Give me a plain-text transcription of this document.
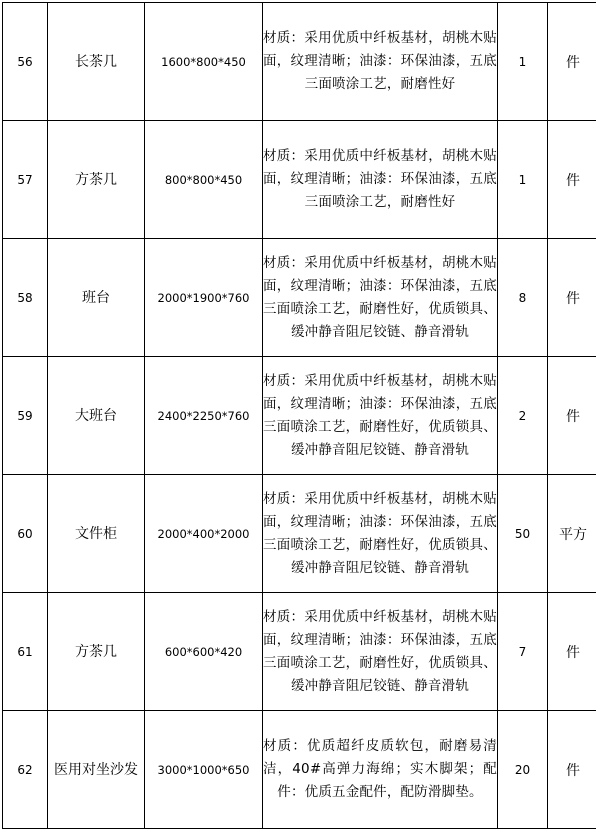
56	长茶几	1600*800*450	材质：采用优质中纤板基材，胡桃木贴面，纹理清晰；油漆：环保油漆，五底三面喷涂工艺，耐磨性好	1	件
57	方茶几	800*800*450	材质：采用优质中纤板基材，胡桃木贴面，纹理清晰；油漆：环保油漆，五底三面喷涂工艺，耐磨性好	1	件
58	班台	2000*1900*760	材质：采用优质中纤板基材，胡桃木贴面，纹理清晰；油漆：环保油漆，五底三面喷涂工艺，耐磨性好，优质锁具、缓冲静音阻尼铰链、静音滑轨	8	件
59	大班台	2400*2250*760	材质：采用优质中纤板基材，胡桃木贴面，纹理清晰；油漆：环保油漆，五底三面喷涂工艺，耐磨性好，优质锁具、缓冲静音阻尼铰链、静音滑轨	2	件
60	文件柜	2000*400*2000	材质：采用优质中纤板基材，胡桃木贴面，纹理清晰；油漆：环保油漆，五底三面喷涂工艺，耐磨性好，优质锁具、缓冲静音阻尼铰链、静音滑轨	50	平方
61	方茶几	600*600*420	材质：采用优质中纤板基材，胡桃木贴面，纹理清晰；油漆：环保油漆，五底三面喷涂工艺，耐磨性好，优质锁具、缓冲静音阻尼铰链、静音滑轨	7	件
62	医用对坐沙发	3000*1000*650	材质：优质超纤皮质软包，耐磨易清洁，40#高弹力海绵；实木脚架；配件：优质五金配件，配防滑脚垫。	20	件
